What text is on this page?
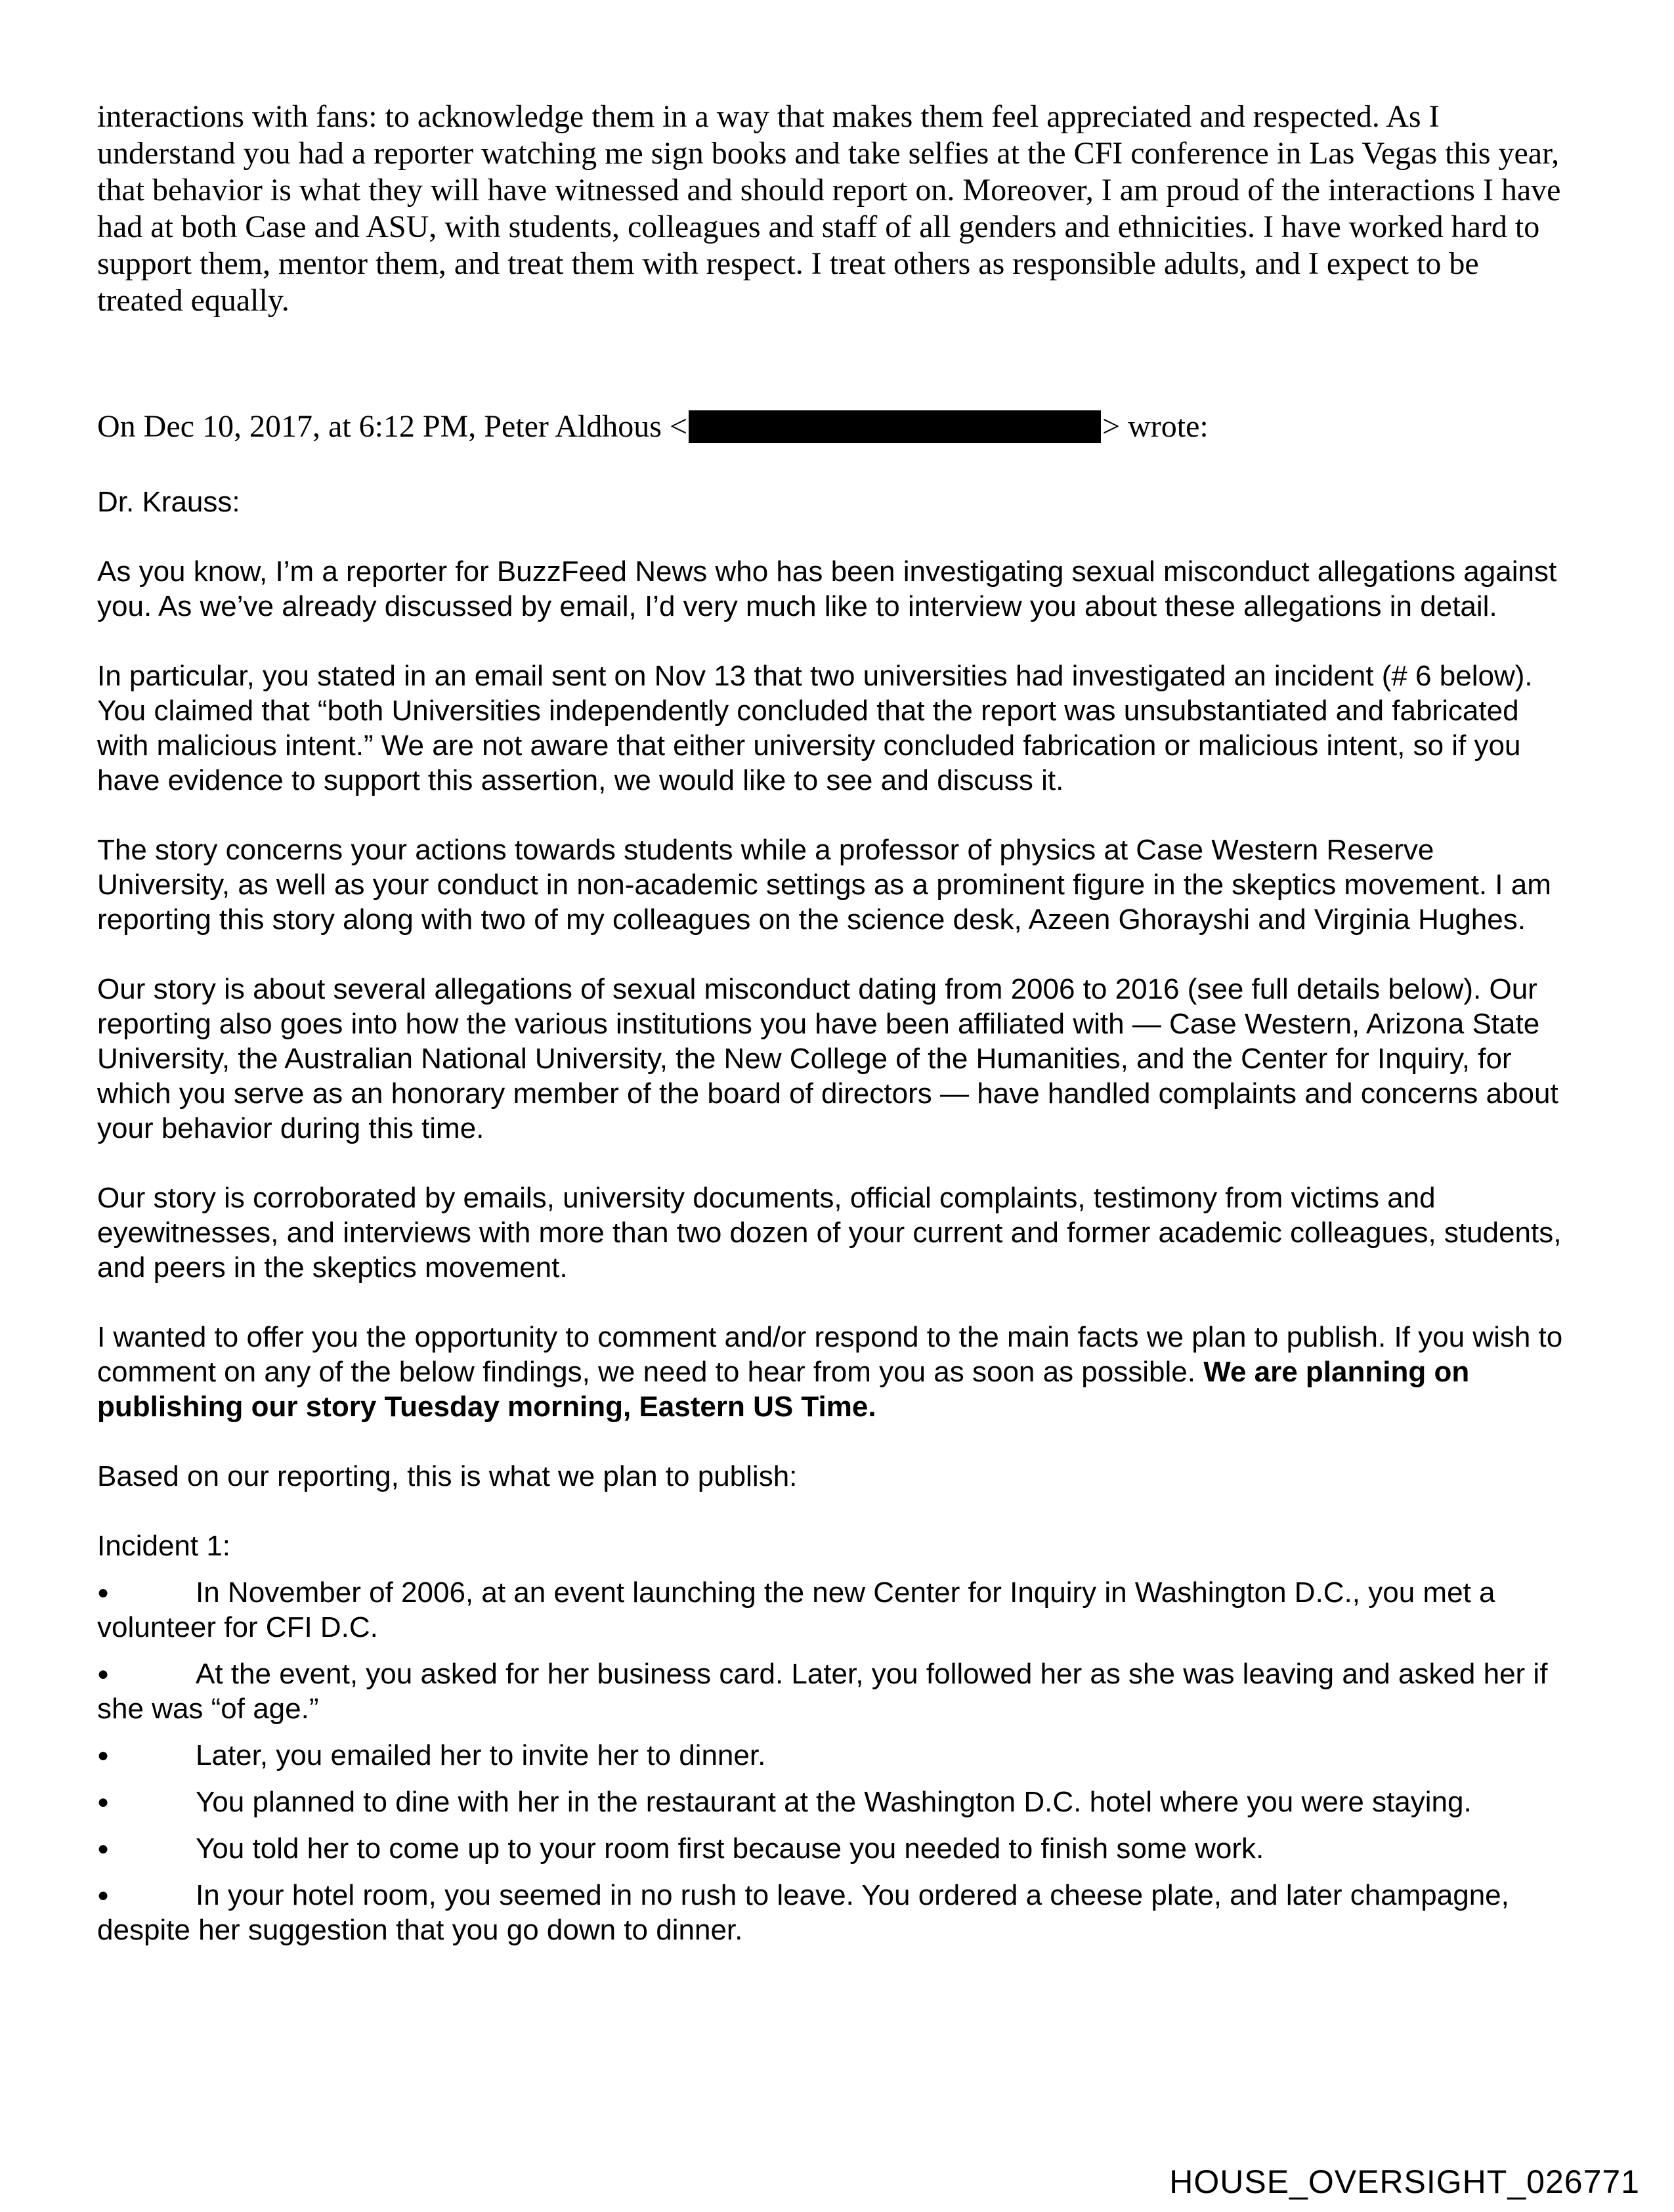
interactions with fans: to acknowledge them in a way that makes them feel appreciated and respected. As I understand you had a reporter watching me sign books and take selfies at the CFI conference in Las Vegas this year, that behavior is what they will have witnessed and should report on. Moreover, I am proud of the interactions I have had at both Case and ASU, with students, colleagues and staff of all genders and ethnicities. I have worked hard to support them, mentor them, and treat them with respect. I treat others as responsible adults, and I expect to be treated equally.

On Dec 10, 2017, at 6:12 PM, Peter Aldhous <	> wrote:

Dr. Krauss:

As you know, I’m a reporter for BuzzFeed News who has been investigating sexual misconduct allegations against you. As we’ve already discussed by email, I’d very much like to interview you about these allegations in detail.

In particular, you stated in an email sent on Nov 13 that two universities had investigated an incident (# 6 below). You claimed that “both Universities independently concluded that the report was unsubstantiated and fabricated with malicious intent.” We are not aware that either university concluded fabrication or malicious intent, so if you have evidence to support this assertion, we would like to see and discuss it.

The story concerns your actions towards students while a professor of physics at Case Western Reserve University, as well as your conduct in non-academic settings as a prominent figure in the skeptics movement. I am reporting this story along with two of my colleagues on the science desk, Azeen Ghorayshi and Virginia Hughes.

Our story is about several allegations of sexual misconduct dating from 2006 to 2016 (see full details below). Our reporting also goes into how the various institutions you have been affiliated with — Case Western, Arizona State University, the Australian National University, the New College of the Humanities, and the Center for Inquiry, for which you serve as an honorary member of the board of directors — have handled complaints and concerns about your behavior during this time.

Our story is corroborated by emails, university documents, official complaints, testimony from victims and eyewitnesses, and interviews with more than two dozen of your current and former academic colleagues, students, and peers in the skeptics movement.

I wanted to offer you the opportunity to comment and/or respond to the main facts we plan to publish. If you wish to comment on any of the below findings, we need to hear from you as soon as possible. We are planning on publishing our story Tuesday morning, Eastern US Time.

Based on our reporting, this is what we plan to publish:

Incident 1:

●	In November of 2006, at an event launching the new Center for Inquiry in Washington D.C., you met a volunteer for CFI D.C.
●	At the event, you asked for her business card. Later, you followed her as she was leaving and asked her if she was “of age.”
●	Later, you emailed her to invite her to dinner.
●	You planned to dine with her in the restaurant at the Washington D.C. hotel where you were staying.
●	You told her to come up to your room first because you needed to finish some work.
●	In your hotel room, you seemed in no rush to leave. You ordered a cheese plate, and later champagne, despite her suggestion that you go down to dinner.
HOUSE_OVERSIGHT_026771
